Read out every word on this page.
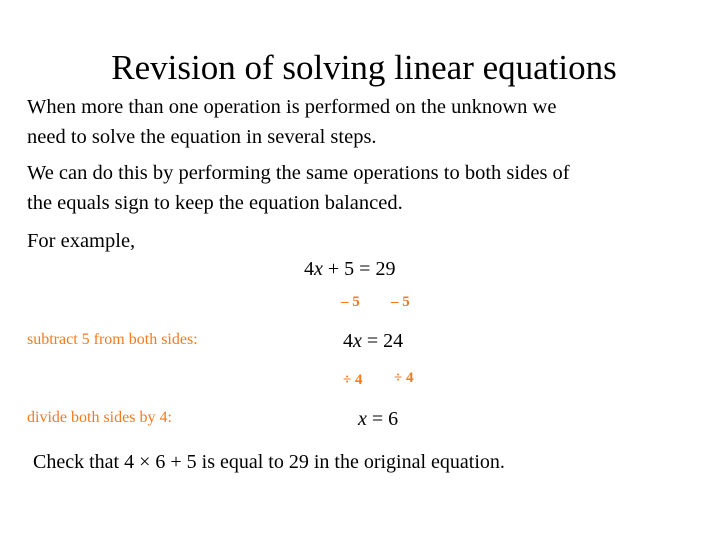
Revision of solving linear equations
When more than one operation is performed on the unknown we
need to solve the equation in several steps.
We can do this by performing the same operations to both sides of
the equals sign to keep the equation balanced.
For example,
4x + 5 = 29
– 5 – 5
subtract 5 from both sides:	4x = 24
÷ 4 ÷ 4
divide both sides by 4:	x = 6
Check that 4 × 6 + 5 is equal to 29 in the original equation.
